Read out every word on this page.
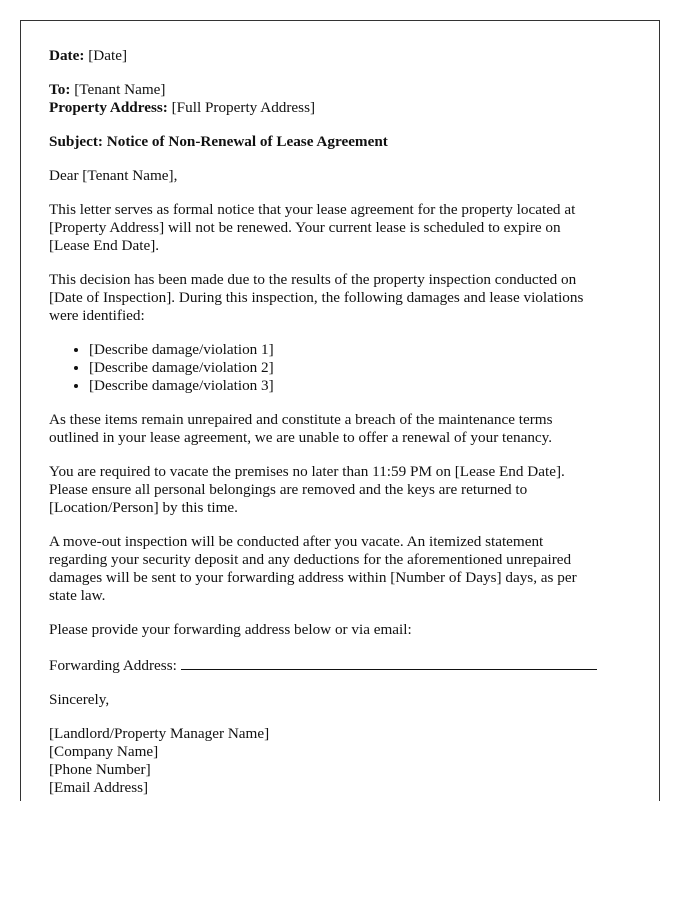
Date: [Date]

To: [Tenant Name]
Property Address: [Full Property Address]

Subject: Notice of Non-Renewal of Lease Agreement

Dear [Tenant Name],

This letter serves as formal notice that your lease agreement for the property located at
[Property Address] will not be renewed. Your current lease is scheduled to expire on
[Lease End Date].

This decision has been made due to the results of the property inspection conducted on
[Date of Inspection]. During this inspection, the following damages and lease violations
were identified:

• [Describe damage/violation 1]
• [Describe damage/violation 2]
• [Describe damage/violation 3]

As these items remain unrepaired and constitute a breach of the maintenance terms
outlined in your lease agreement, we are unable to offer a renewal of your tenancy.

You are required to vacate the premises no later than 11:59 PM on [Lease End Date].
Please ensure all personal belongings are removed and the keys are returned to
[Location/Person] by this time.

A move-out inspection will be conducted after you vacate. An itemized statement
regarding your security deposit and any deductions for the aforementioned unrepaired
damages will be sent to your forwarding address within [Number of Days] days, as per
state law.

Please provide your forwarding address below or via email:

Forwarding Address:

Sincerely,

[Landlord/Property Manager Name]
[Company Name]
[Phone Number]
[Email Address]
